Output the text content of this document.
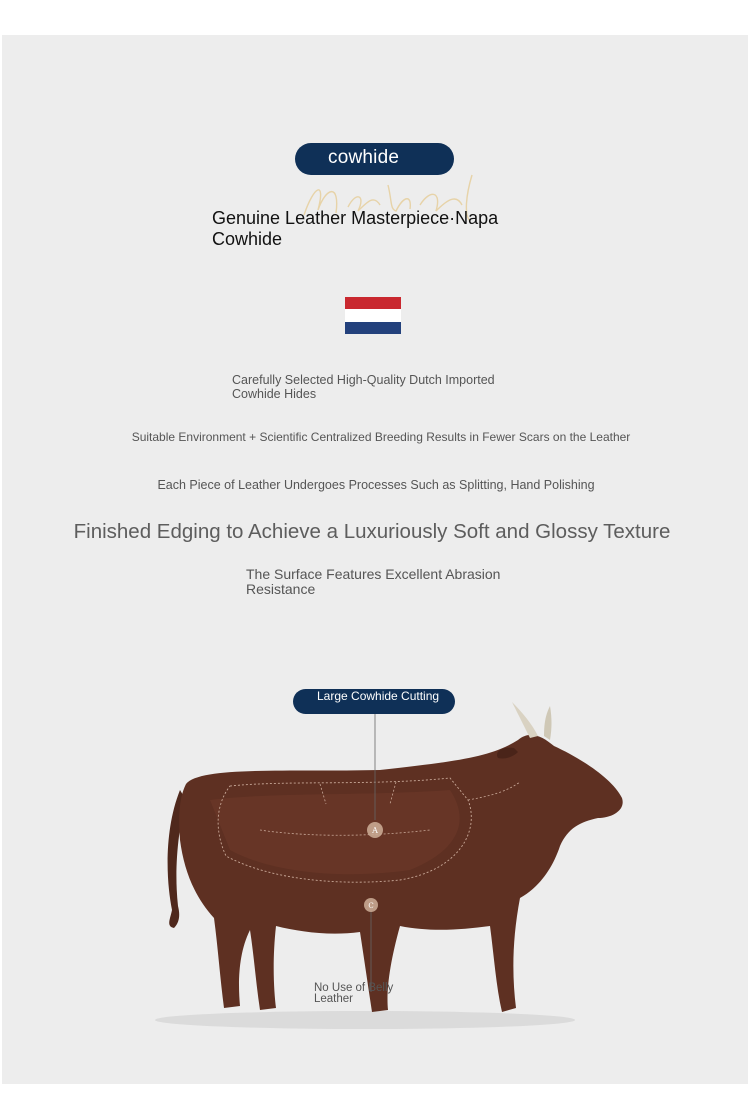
cowhide
Genuine Leather Masterpiece·Napa Cowhide
Carefully Selected High-Quality Dutch Imported Cowhide Hides
Suitable Environment + Scientific Centralized Breeding Results in Fewer Scars on the Leather
Each Piece of Leather Undergoes Processes Such as Splitting, Hand Polishing
Finished Edging to Achieve a Luxuriously Soft and Glossy Texture
The Surface Features Excellent Abrasion Resistance
A
C
Large Cowhide Cutting
No Use of Belly Leather
